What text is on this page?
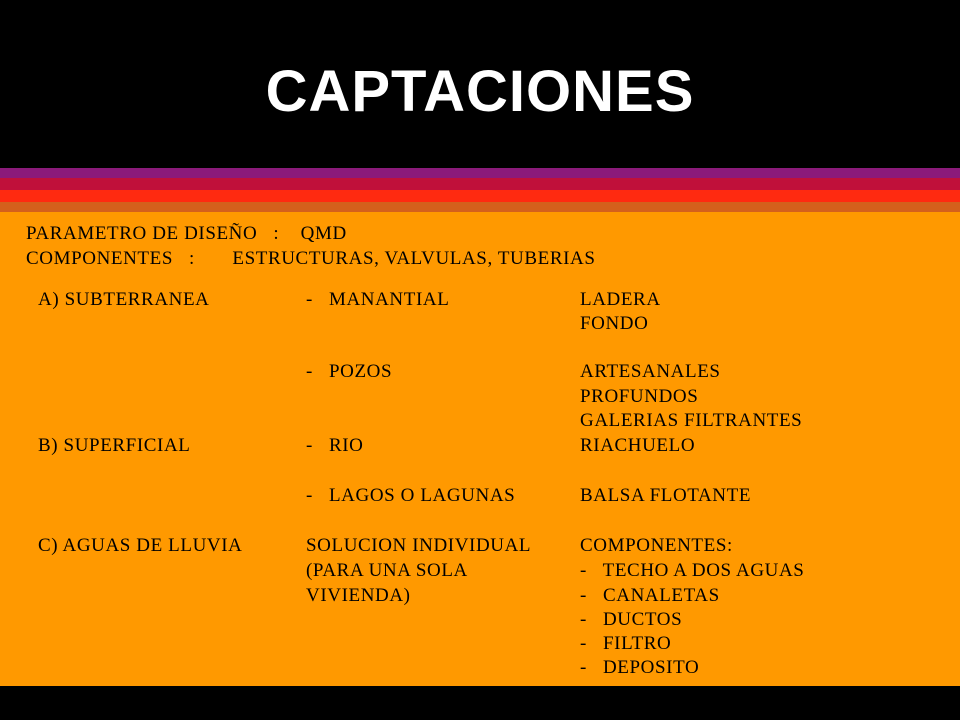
CAPTACIONES
PARAMETRO DE DISEÑO   :    QMD
COMPONENTES   :       ESTRUCTURAS, VALVULAS, TUBERIAS
A) SUBTERRANEA
B) SUPERFICIAL
C) AGUAS DE LLUVIA
-   MANANTIAL
-   POZOS
-   RIO
-   LAGOS O LAGUNAS
SOLUCION INDIVIDUAL
(PARA UNA SOLA
VIVIENDA)
LADERA
FONDO
ARTESANALES
PROFUNDOS
GALERIAS FILTRANTES
RIACHUELO
BALSA FLOTANTE
COMPONENTES:
-   TECHO A DOS AGUAS
-   CANALETAS
-   DUCTOS
-   FILTRO
-   DEPOSITO
